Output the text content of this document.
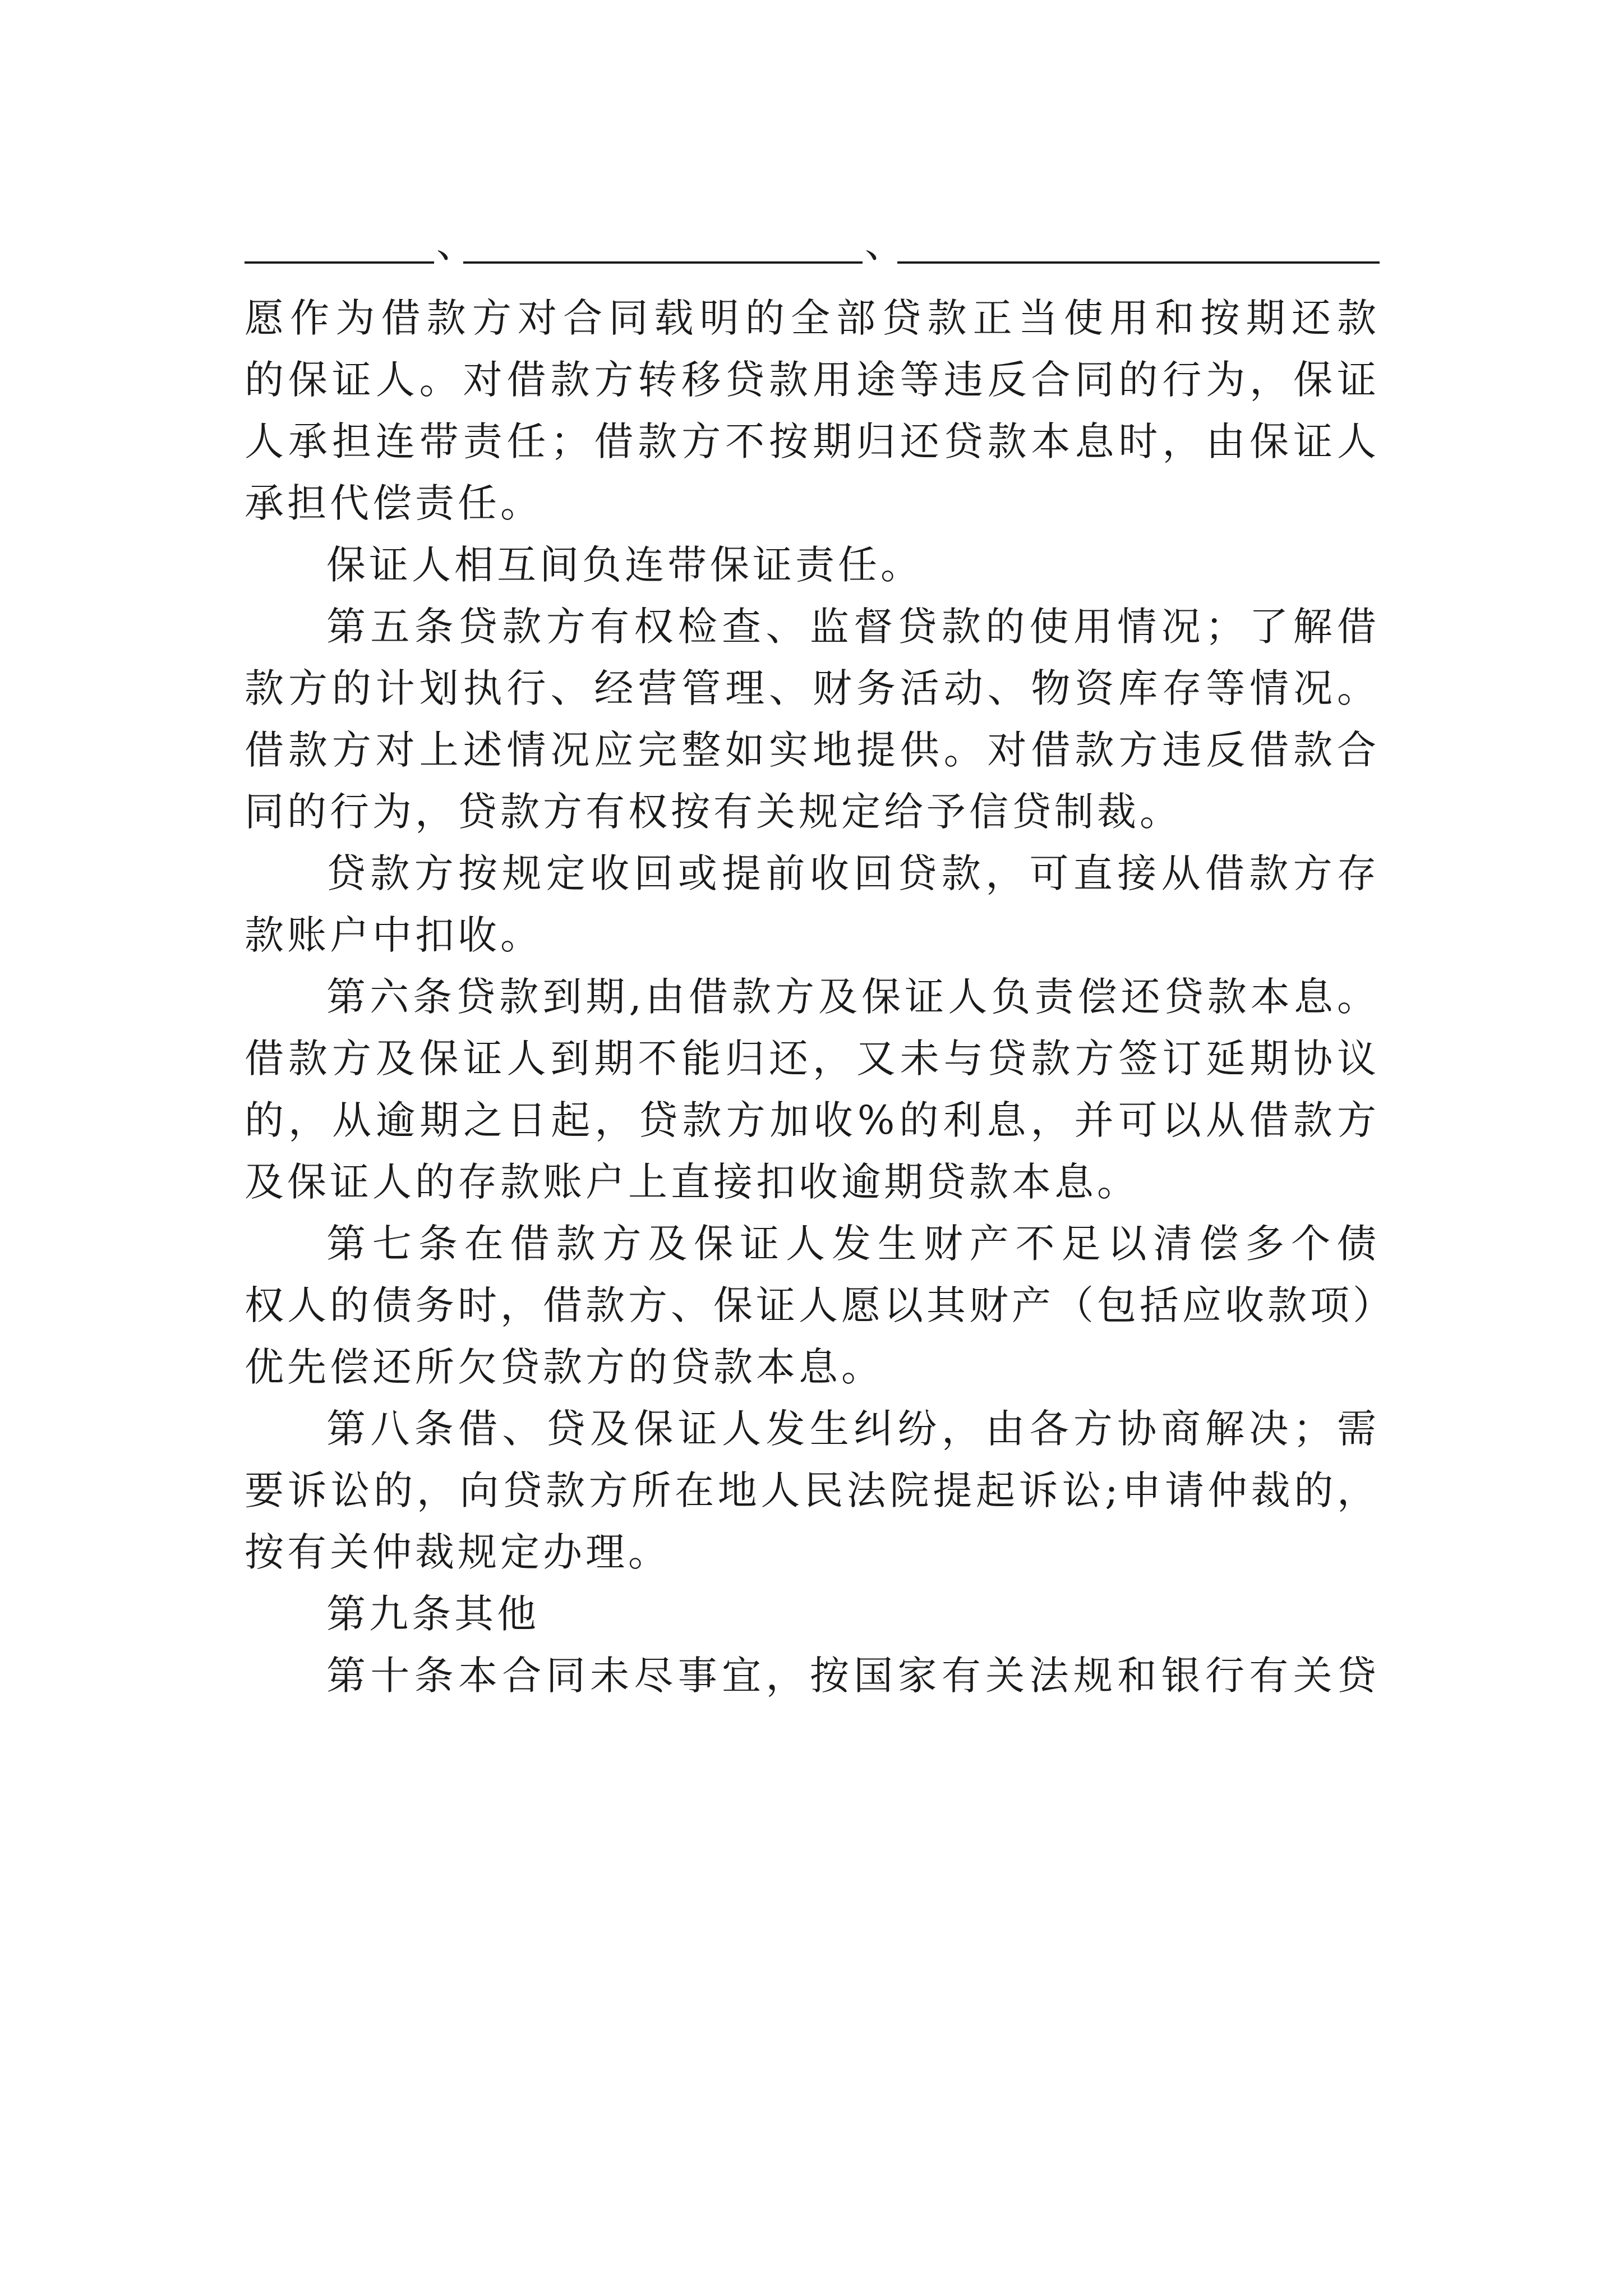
、	、
愿作为借款方对合同载明的全部贷款正当使用和按期还款
的保证人。对借款方转移贷款用途等违反合同的行为，保证
人承担连带责任；借款方不按期归还贷款本息时，由保证人
承担代偿责任。
保证人相互间负连带保证责任。
第五条贷款方有权检查、监督贷款的使用情况；了解借
款方的计划执行、经营管理、财务活动、物资库存等情况。
借款方对上述情况应完整如实地提供。对借款方违反借款合
同的行为，贷款方有权按有关规定给予信贷制裁。
贷款方按规定收回或提前收回贷款，可直接从借款方存
款账户中扣收。
第六条贷款到期,由借款方及保证人负责偿还贷款本息。
借款方及保证人到期不能归还，又未与贷款方签订延期协议
的，从逾期之日起，贷款方加收%的利息，并可以从借款方
及保证人的存款账户上直接扣收逾期贷款本息。
第七条在借款方及保证人发生财产不足以清偿多个债
权人的债务时，借款方、保证人愿以其财产（包括应收款项）
优先偿还所欠贷款方的贷款本息。
第八条借、贷及保证人发生纠纷，由各方协商解决；需
要诉讼的，向贷款方所在地人民法院提起诉讼;申请仲裁的，
按有关仲裁规定办理。
第九条其他
第十条本合同未尽事宜，按国家有关法规和银行有关贷
